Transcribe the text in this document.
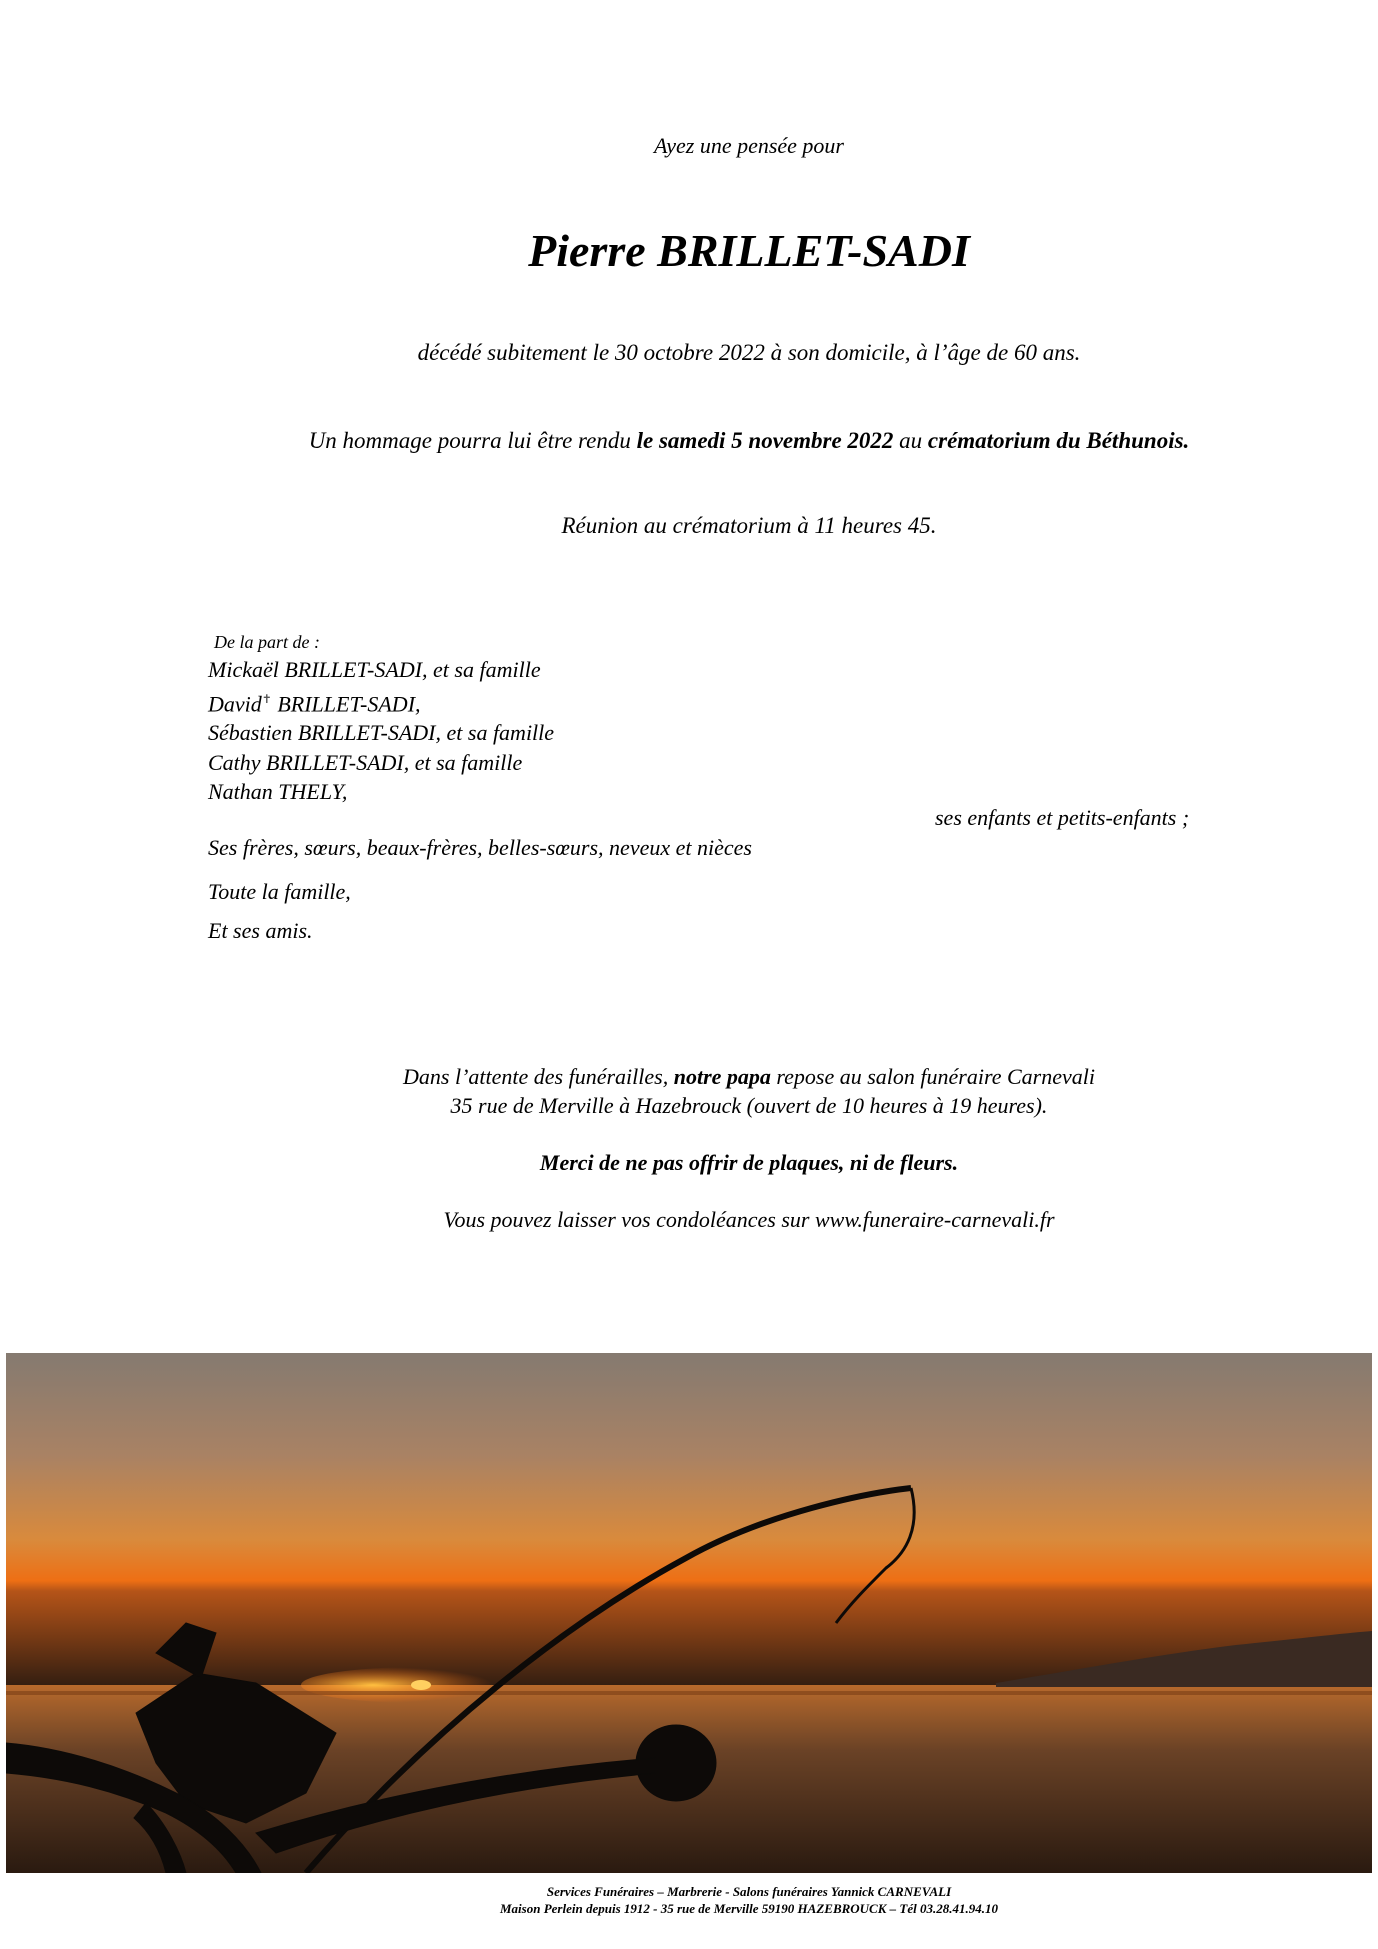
Ayez une pensée pour
Pierre BRILLET-SADI
décédé subitement le 30 octobre 2022 à son domicile, à l’âge de 60 ans.
Un hommage pourra lui être rendu le samedi 5 novembre 2022 au crématorium du Béthunois.
Réunion au crématorium à 11 heures 45.
De la part de :
Mickaël BRILLET-SADI, et sa famille
David✝ BRILLET-SADI,
Sébastien BRILLET-SADI, et sa famille
Cathy BRILLET-SADI, et sa famille
Nathan THELY,
ses enfants et petits-enfants ;
Ses frères, sœurs, beaux-frères, belles-sœurs, neveux et nièces
Toute la famille,
Et ses amis.
Dans l’attente des funérailles, notre papa repose au salon funéraire Carnevali
35 rue de Merville à Hazebrouck (ouvert de 10 heures à 19 heures).
Merci de ne pas offrir de plaques, ni de fleurs.
Vous pouvez laisser vos condoléances sur www.funeraire-carnevali.fr
Services Funéraires – Marbrerie - Salons funéraires Yannick CARNEVALI
Maison Perlein depuis 1912 - 35 rue de Merville 59190 HAZEBROUCK – Tél 03.28.41.94.10
